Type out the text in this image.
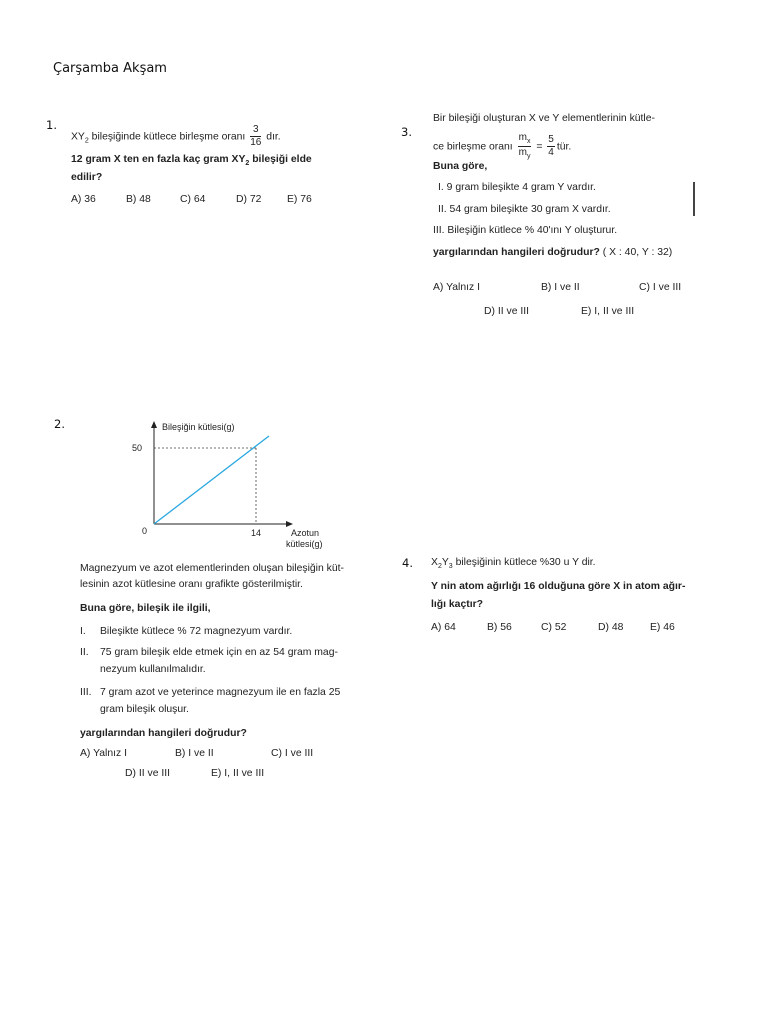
Çarşamba Akşam
1.
$XY_2$ bileşiğinde kütlece birleşme oranı $\frac{3}{16}$ dır.
12 gram X ten en fazla kaç gram $XY_2$ bileşiği elde
edilir?
A) 36	B) 48	C) 64	D) 72 E) 76
3.
Bir bileşiği oluşturan X ve Y elementlerinin kütle-
ce birleşme oranı $\frac{m_x}{m_y} = \frac{5}{4}$ tür.
Buna göre,
I. 9 gram bileşikte 4 gram Y vardır.
II. 54 gram bileşikte 30 gram X vardır.
III. Bileşiğin kütlece % 40'ını Y oluşturur.
yargılarından hangileri doğrudur? ( X : 40, Y : 32)
A) Yalnız I	B) I ve II	C) I ve III
D) II ve III	E) I, II ve III
2.	Bileşiğin kütlesi(g)
50
0	14	Azotun
kütlesi(g)
Magnezyum ve azot elementlerinden oluşan bileşiğin küt-
lesinin azot kütlesine oranı grafikte gösterilmiştir.
Buna göre, bileşik ile ilgili,
I. Bileşikte kütlece % 72 magnezyum vardır.
II. 75 gram bileşik elde etmek için en az 54 gram mag-
nezyum kullanılmalıdır.
III. 7 gram azot ve yeterince magnezyum ile en fazla 25
gram bileşik oluşur.
yargılarından hangileri doğrudur?
A) Yalnız I	B) I ve II	C) I ve III
D) II ve III	E) I, II ve III
4. $X_2Y_3$ bileşiğinin kütlece %30 u Y dir.
Y nin atom ağırlığı 16 olduğuna göre X in atom ağır-
lığı kaçtır?
A) 64	B) 56	C) 52	D) 48	E) 46
